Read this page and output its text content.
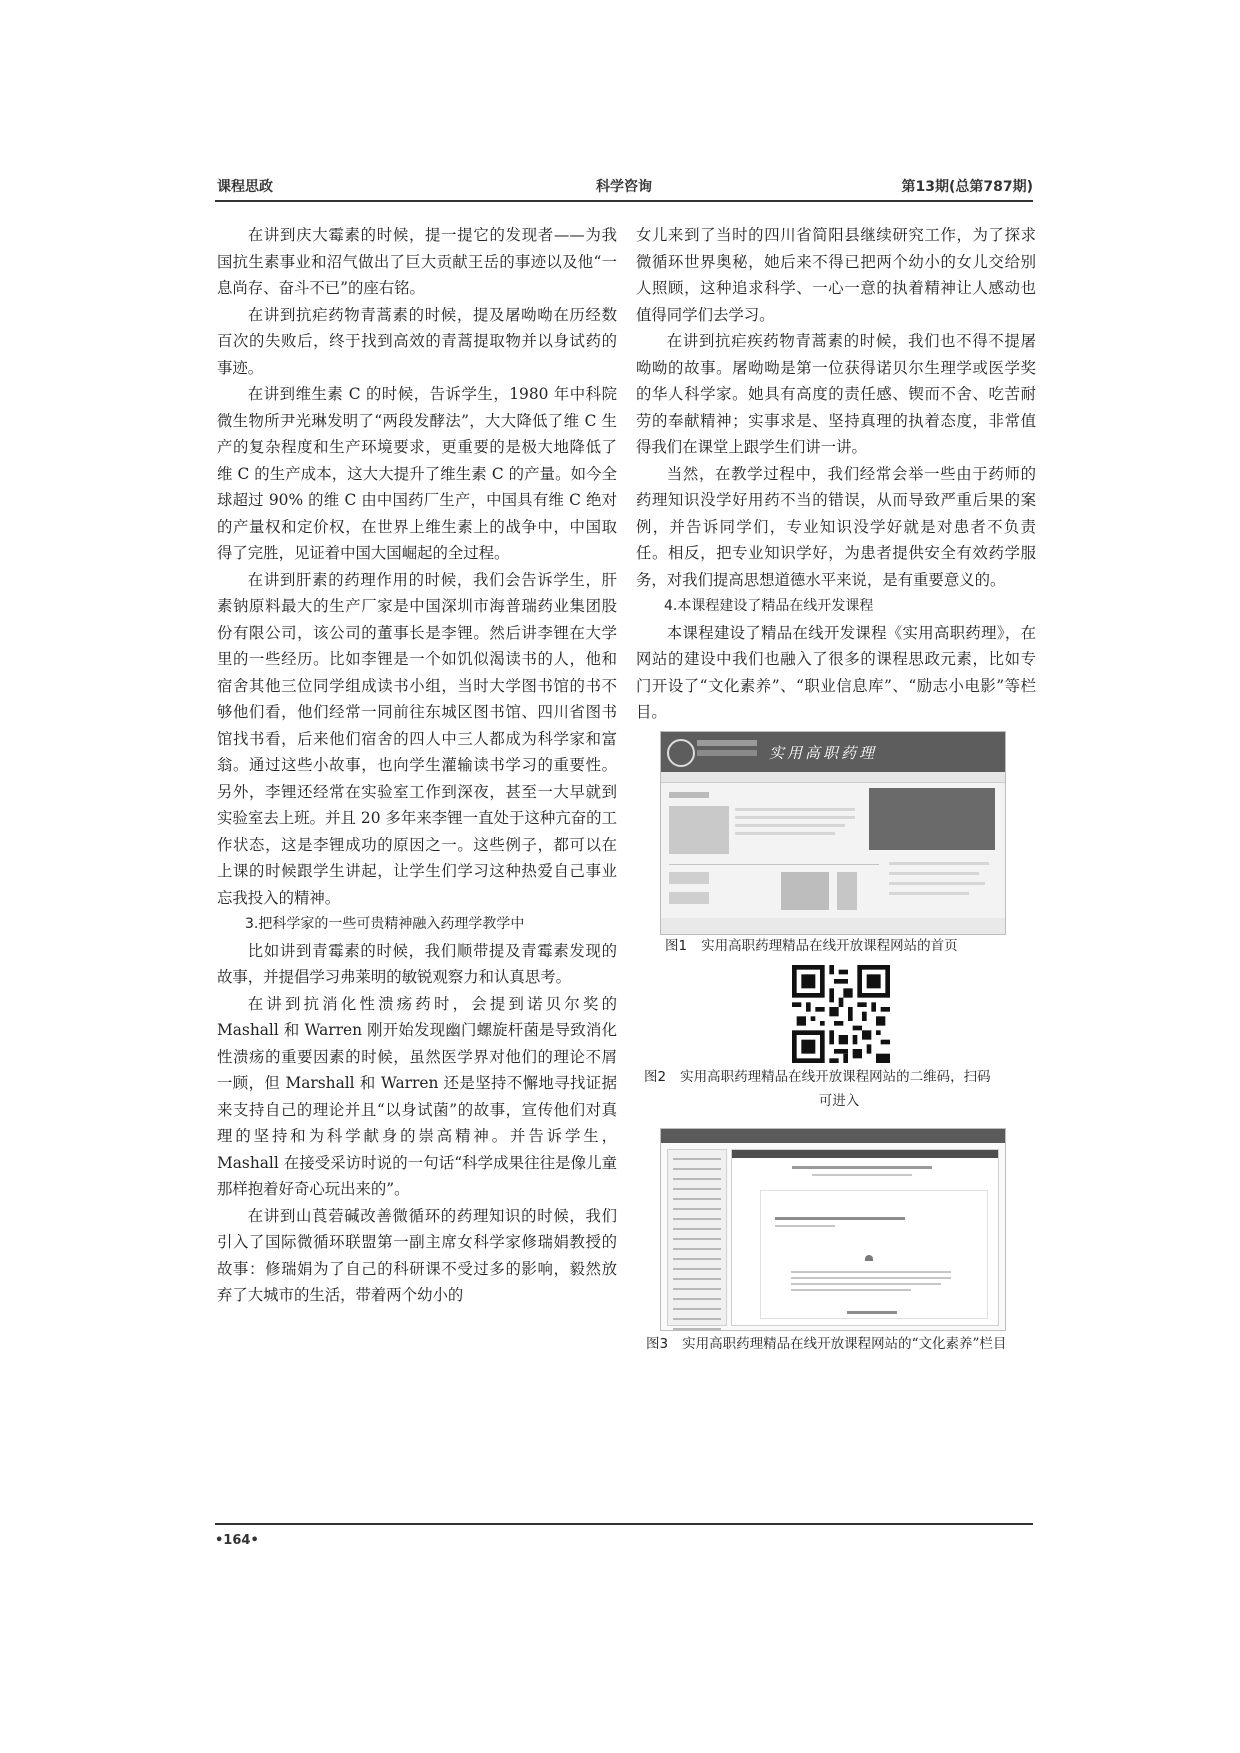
课程思政	科学咨询	第13期(总第787期)

在讲到庆大霉素的时候，提一提它的发现者——为我国抗生素事业和沼气做出了巨大贡献王岳的事迹以及他“一息尚存、奋斗不已”的座右铭。

在讲到抗疟药物青蒿素的时候，提及屠呦呦在历经数百次的失败后，终于找到高效的青蒿提取物并以身试药的事迹。

在讲到维生素 C 的时候，告诉学生，1980 年中科院微生物所尹光琳发明了“两段发酵法”，大大降低了维 C 生产的复杂程度和生产环境要求，更重要的是极大地降低了维 C 的生产成本，这大大提升了维生素 C 的产量。如今全球超过 90% 的维 C 由中国药厂生产，中国具有维 C 绝对的产量权和定价权，在世界上维生素上的战争中，中国取得了完胜，见证着中国大国崛起的全过程。

在讲到肝素的药理作用的时候，我们会告诉学生，肝素钠原料最大的生产厂家是中国深圳市海普瑞药业集团股份有限公司，该公司的董事长是李锂。然后讲李锂在大学里的一些经历。比如李锂是一个如饥似渴读书的人，他和宿舍其他三位同学组成读书小组，当时大学图书馆的书不够他们看，他们经常一同前往东城区图书馆、四川省图书馆找书看，后来他们宿舍的四人中三人都成为科学家和富翁。通过这些小故事，也向学生灌输读书学习的重要性。另外，李锂还经常在实验室工作到深夜，甚至一大早就到实验室去上班。并且 20 多年来李锂一直处于这种亢奋的工作状态，这是李锂成功的原因之一。这些例子，都可以在上课的时候跟学生讲起，让学生们学习这种热爱自己事业忘我投入的精神。

3.把科学家的一些可贵精神融入药理学教学中

比如讲到青霉素的时候，我们顺带提及青霉素发现的故事，并提倡学习弗莱明的敏锐观察力和认真思考。

在讲到抗消化性溃疡药时，会提到诺贝尔奖的 Mashall 和 Warren 刚开始发现幽门螺旋杆菌是导致消化性溃疡的重要因素的时候，虽然医学界对他们的理论不屑一顾，但 Marshall 和 Warren 还是坚持不懈地寻找证据来支持自己的理论并且“以身试菌”的故事，宣传他们对真理的坚持和为科学献身的崇高精神。并告诉学生，Mashall 在接受采访时说的一句话“科学成果往往是像儿童那样抱着好奇心玩出来的”。

在讲到山莨菪碱改善微循环的药理知识的时候，我们引入了国际微循环联盟第一副主席女科学家修瑞娟教授的故事：修瑞娟为了自己的科研课不受过多的影响，毅然放弃了大城市的生活，带着两个幼小的

女儿来到了当时的四川省简阳县继续研究工作，为了探求微循环世界奥秘，她后来不得已把两个幼小的女儿交给别人照顾，这种追求科学、一心一意的执着精神让人感动也值得同学们去学习。

在讲到抗疟疾药物青蒿素的时候，我们也不得不提屠呦呦的故事。屠呦呦是第一位获得诺贝尔生理学或医学奖的华人科学家。她具有高度的责任感、锲而不舍、吃苦耐劳的奉献精神；实事求是、坚持真理的执着态度，非常值得我们在课堂上跟学生们讲一讲。

当然，在教学过程中，我们经常会举一些由于药师的药理知识没学好用药不当的错误，从而导致严重后果的案例，并告诉同学们，专业知识没学好就是对患者不负责任。相反，把专业知识学好，为患者提供安全有效药学服务，对我们提高思想道德水平来说，是有重要意义的。

4.本课程建设了精品在线开发课程

本课程建设了精品在线开发课程《实用高职药理》，在网站的建设中我们也融入了很多的课程思政元素，比如专门开设了“文化素养”、“职业信息库”、“励志小电影”等栏目。

实用高职药理
图1 实用高职药理精品在线开放课程网站的首页
图2 实用高职药理精品在线开放课程网站的二维码，扫码
可进入
图3 实用高职药理精品在线开放课程网站的“文化素养”栏目
•164•
